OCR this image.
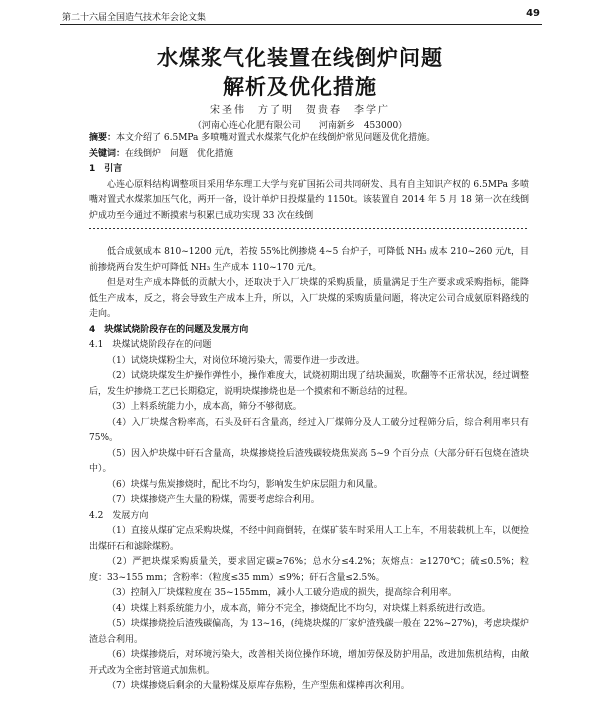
第二十六届全国造气技术年会论文集	49
水煤浆气化装置在线倒炉问题
解析及优化措施
宋圣伟　方了明　贺贵春　李学广
（河南心连心化肥有限公司　　河南新乡　453000）

摘要：本文介绍了 6.5MPa 多喷嘴对置式水煤浆气化炉在线倒炉常见问题及优化措施。

关键词：在线倒炉　问题　优化措施

1　引言

心连心原料结构调整项目采用华东理工大学与兖矿国拓公司共同研发、具有自主知识产权的 6.5MPa 多喷嘴对置式水煤浆加压气化，两开一备，设计单炉日投煤量约 1150t。该装置自 2014 年 5 月 18 第一次在线倒炉成功至今通过不断摸索与积累已成功实现 33 次在线倒

低合成氨成本 810~1200 元/t，若按 55%比例掺烧 4~5 台炉子，可降低 NH₃ 成本 210~260 元/t，目前掺烧两台发生炉可降低 NH₃ 生产成本 110~170 元/t。

但是对生产成本降低的贡献大小，还取决于入厂块煤的采购质量，质量满足于生产要求或采购指标，能降低生产成本，反之，将会导致生产成本上升，所以，入厂块煤的采购质量问题，将决定公司合成氨原料路线的走向。

4　块煤试烧阶段存在的问题及发展方向

4.1　块煤试烧阶段存在的问题

（1）试烧块煤粉尘大，对岗位环境污染大，需要作进一步改进。

（2）试烧块煤发生炉操作弹性小，操作难度大，试烧初期出现了结块漏炭，吹翻等不正常状况，经过调整后，发生炉掺烧工艺已长期稳定，说明块煤掺烧也是一个摸索和不断总结的过程。

（3）上料系统能力小，成本高，筛分不够彻底。

（4）入厂块煤含粉率高，石头及矸石含量高，经过入厂煤筛分及人工破分过程筛分后，综合利用率只有 75%。

（5）因入炉块煤中矸石含量高，块煤掺烧捡后渣残碳较烧焦炭高 5~9 个百分点（大部分矸石包烧在渣块中）。

（6）块煤与焦炭掺烧时，配比不均匀，影响发生炉床层阻力和风量。

（7）块煤掺烧产生大量的粉煤，需要考虑综合利用。

4.2　发展方向

（1）直接从煤矿定点采购块煤，不经中间商倒转，在煤矿装车时采用人工上车，不用装载机上车，以便捡出煤矸石和滤除煤粉。

（2）严把块煤采购质量关，要求固定碳≥76%；总水分≤4.2%；灰熔点：≥1270℃；硫≤0.5%；粒度：33~155 mm；含粉率：（粒度≤35 mm）≤9%；矸石含量≤2.5%。

（3）控制入厂块煤粒度在 35~155mm，减小人工破分造成的损失，提高综合利用率。

（4）块煤上料系统能力小，成本高，筛分不完全，掺烧配比不均匀，对块煤上料系统进行改造。

（5）块煤掺烧捡后渣残碳偏高，为 13~16，(纯烧块煤的厂家炉渣残碳一般在 22%~27%)，考虑块煤炉渣总合利用。

（6）块煤掺烧后，对环境污染大，改善相关岗位操作环境，增加劳保及防护用品，改进加焦机结构，由敞开式改为全密封管道式加焦机。

（7）块煤掺烧后剩余的大量粉煤及原库存焦粉，生产型焦和煤棒再次利用。
